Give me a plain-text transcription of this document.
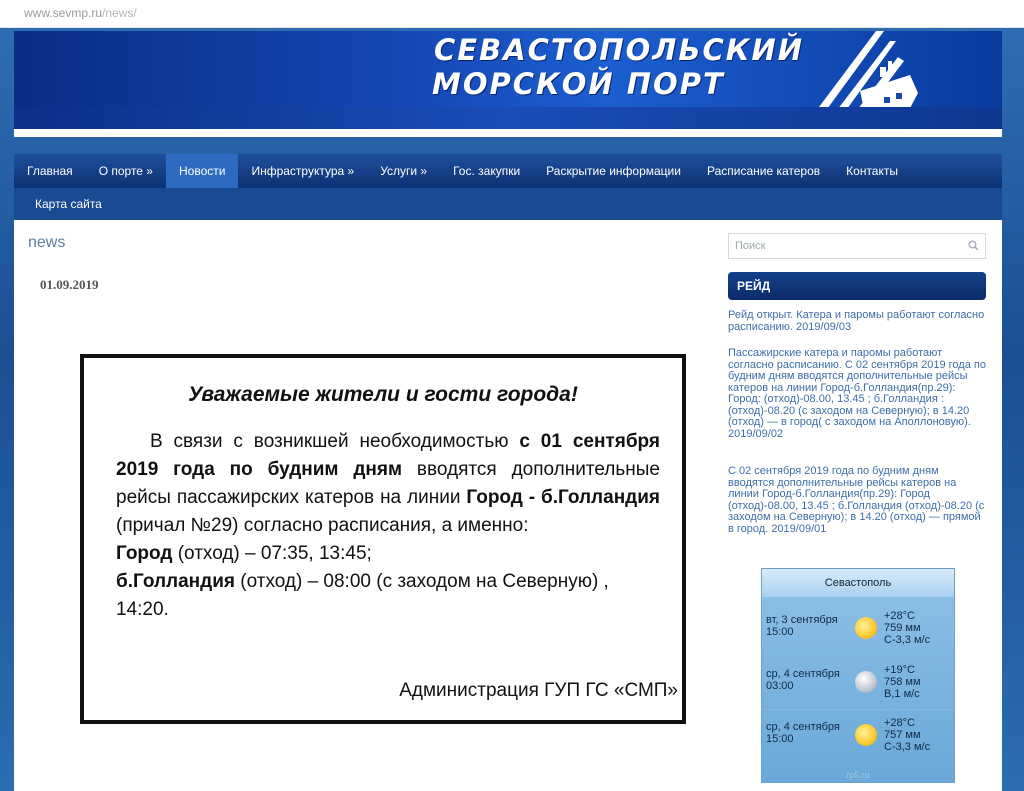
www.sevmp.ru/news/
СЕВАСТОПОЛЬСКИЙ
МОРСКОЙ ПОРТ
Главная	О порте »	Новости	Инфраструктура »	Услуги »	Гос. закупки	Раскрытие информации	Расписание катеров	Контакты
Карта сайта
news
01.09.2019
Уважаемые жители и гости города!

В связи с возникшей необходимостью с 01 сентября 2019 года по будним дням вводятся дополнительные рейсы пассажирских катеров на линии Город - б.Голландия (причал №29) согласно расписания, а именно:

Город (отход) – 07:35, 13:45;

б.Голландия (отход) – 08:00 (с заходом на Северную) , 14:20.

Администрация ГУП ГС «СМП»
Поиск
РЕЙД
Рейд открыт. Катера и паромы работают согласно расписанию. 2019/09/03
Пассажирские катера и паромы работают согласно расписанию. С 02 сентября 2019 года по будним дням вводятся дополнительные рейсы катеров на линии Город-б.Голландия(пр.29): Город: (отход)-08.00, 13.45 ; б.Голландия : (отход)-08.20 (с заходом на Северную); в 14.20 (отход) — в город( с заходом на Аполлоновую). 2019/09/02
С 02 сентября 2019 года по будним дням вводятся дополнительные рейсы катеров на линии Город-б.Голландия(пр.29): Город (отход)-08.00, 13.45 ; б.Голландия (отход)-08.20 (с заходом на Северную); в 14.20 (отход) — прямой в город. 2019/09/01
Севастополь
вт, 3 сентября 15:00
+28°C
759 мм
С-3,3 м/с
ср, 4 сентября 03:00
+19°C
758 мм
В,1 м/с
ср, 4 сентября 15:00
+28°C
757 мм
С-3,3 м/с
rp5.ru
